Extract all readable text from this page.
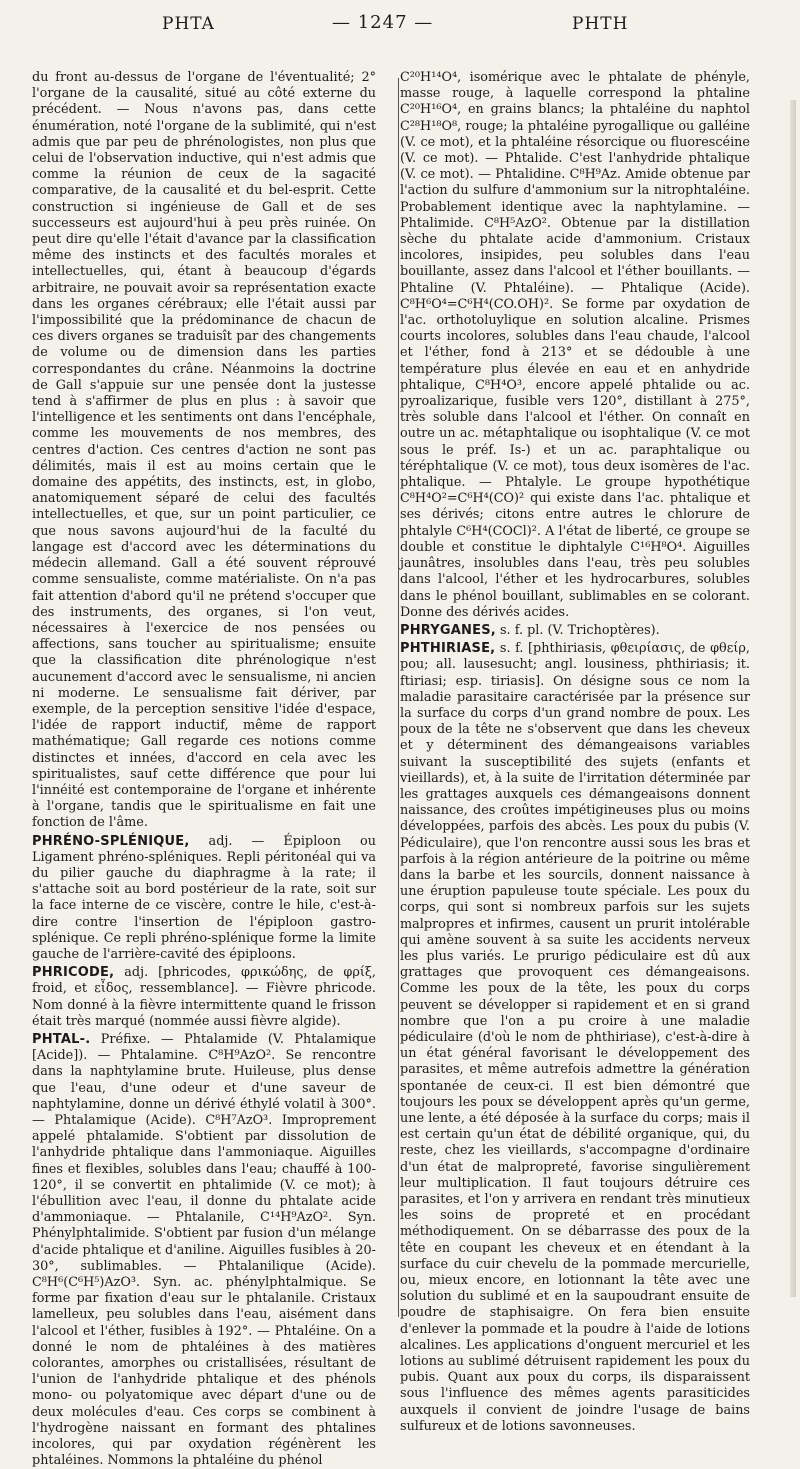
PHTA	— 1247 —	PHTH

du front au-dessus de l'organe de l'éventualité; 2° l'organe de la causalité, situé au côté externe du précédent. — Nous n'avons pas, dans cette énumération, noté l'organe de la sublimité, qui n'est admis que par peu de phrénologistes, non plus que celui de l'observation inductive, qui n'est admis que comme la réunion de ceux de la sagacité comparative, de la causalité et du bel-esprit. Cette construction si ingénieuse de Gall et de ses successeurs est aujourd'hui à peu près ruinée. On peut dire qu'elle l'était d'avance par la classification même des instincts et des facultés morales et intellectuelles, qui, étant à beaucoup d'égards arbitraire, ne pouvait avoir sa représentation exacte dans les organes cérébraux; elle l'était aussi par l'impossibilité que la prédominance de chacun de ces divers organes se traduisît par des changements de volume ou de dimension dans les parties correspondantes du crâne. Néanmoins la doctrine de Gall s'appuie sur une pensée dont la justesse tend à s'affirmer de plus en plus : à savoir que l'intelligence et les sentiments ont dans l'encéphale, comme les mouvements de nos membres, des centres d'action. Ces centres d'action ne sont pas délimités, mais il est au moins certain que le domaine des appétits, des instincts, est, in globo, anatomiquement séparé de celui des facultés intellectuelles, et que, sur un point particulier, ce que nous savons aujourd'hui de la faculté du langage est d'accord avec les déterminations du médecin allemand. Gall a été souvent réprouvé comme sensualiste, comme matérialiste. On n'a pas fait attention d'abord qu'il ne prétend s'occuper que des instruments, des organes, si l'on veut, nécessaires à l'exercice de nos pensées ou affections, sans toucher au spiritualisme; ensuite que la classification dite phrénologique n'est aucunement d'accord avec le sensualisme, ni ancien ni moderne. Le sensualisme fait dériver, par exemple, de la perception sensitive l'idée d'espace, l'idée de rapport inductif, même de rapport mathématique; Gall regarde ces notions comme distinctes et innées, d'accord en cela avec les spiritualistes, sauf cette différence que pour lui l'innéité est contemporaine de l'organe et inhérente à l'organe, tandis que le spiritualisme en fait une fonction de l'âme.

PHRÉNO-SPLÉNIQUE, adj. — Épiploon ou Ligament phréno-spléniques. Repli péritonéal qui va du pilier gauche du diaphragme à la rate; il s'attache soit au bord postérieur de la rate, soit sur la face interne de ce viscère, contre le hile, c'est-à-dire contre l'insertion de l'épiploon gastro-splénique. Ce repli phréno-splénique forme la limite gauche de l'arrière-cavité des épiploons.

PHRICODE, adj. [phricodes, φρικώδης, de φρίξ, froid, et εἶδος, ressemblance]. — Fièvre phricode. Nom donné à la fièvre intermittente quand le frisson était très marqué (nommée aussi fièvre algide).

PHTAL-. Préfixe. — Phtalamide (V. Phtalamique [Acide]). — Phtalamine. C⁸H⁹AzO². Se rencontre dans la naphtylamine brute. Huileuse, plus dense que l'eau, d'une odeur et d'une saveur de naphtylamine, donne un dérivé éthylé volatil à 300°. — Phtalamique (Acide). C⁸H⁷AzO³. Improprement appelé phtalamide. S'obtient par dissolution de l'anhydride phtalique dans l'ammoniaque. Aiguilles fines et flexibles, solubles dans l'eau; chauffé à 100-120°, il se convertit en phtalimide (V. ce mot); à l'ébullition avec l'eau, il donne du phtalate acide d'ammoniaque. — Phtalanile, C¹⁴H⁹AzO². Syn. Phénylphtalimide. S'obtient par fusion d'un mélange d'acide phtalique et d'aniline. Aiguilles fusibles à 20-30°, sublimables. — Phtalanilique (Acide). C⁸H⁶(C⁶H⁵)AzO³. Syn. ac. phénylphtalmique. Se forme par fixation d'eau sur le phtalanile. Cristaux lamelleux, peu solubles dans l'eau, aisément dans l'alcool et l'éther, fusibles à 192°. — Phtaléine. On a donné le nom de phtaléines à des matières colorantes, amorphes ou cristallisées, résultant de l'union de l'anhydride phtalique et des phénols mono- ou polyatomique avec départ d'une ou de deux molécules d'eau. Ces corps se combinent à l'hydrogène naissant en formant des phtalines incolores, qui par oxydation régénèrent les phtaléines. Nommons la phtaléine du phénol

C²⁰H¹⁴O⁴, isomérique avec le phtalate de phényle, masse rouge, à laquelle correspond la phtaline C²⁰H¹⁶O⁴, en grains blancs; la phtaléine du naphtol C²⁸H¹⁸O⁸, rouge; la phtaléine pyrogallique ou galléine (V. ce mot), et la phtaléine résorcique ou fluorescéine (V. ce mot). — Phtalide. C'est l'anhydride phtalique (V. ce mot). — Phtalidine. C⁸H⁹Az. Amide obtenue par l'action du sulfure d'ammonium sur la nitrophtaléine. Probablement identique avec la naphtylamine. — Phtalimide. C⁸H⁵AzO². Obtenue par la distillation sèche du phtalate acide d'ammonium. Cristaux incolores, insipides, peu solubles dans l'eau bouillante, assez dans l'alcool et l'éther bouillants. — Phtaline (V. Phtaléine). — Phtalique (Acide). C⁸H⁶O⁴=C⁶H⁴(CO.OH)². Se forme par oxydation de l'ac. orthotoluylique en solution alcaline. Prismes courts incolores, solubles dans l'eau chaude, l'alcool et l'éther, fond à 213° et se dédouble à une température plus élevée en eau et en anhydride phtalique, C⁸H⁴O³, encore appelé phtalide ou ac. pyroalizarique, fusible vers 120°, distillant à 275°, très soluble dans l'alcool et l'éther. On connaît en outre un ac. métaphtalique ou isophtalique (V. ce mot sous le préf. Is-) et un ac. paraphtalique ou téréphtalique (V. ce mot), tous deux isomères de l'ac. phtalique. — Phtalyle. Le groupe hypothétique C⁸H⁴O²=C⁶H⁴(CO)² qui existe dans l'ac. phtalique et ses dérivés; citons entre autres le chlorure de phtalyle C⁶H⁴(COCl)². A l'état de liberté, ce groupe se double et constitue le diphtalyle C¹⁶H⁸O⁴. Aiguilles jaunâtres, insolubles dans l'eau, très peu solubles dans l'alcool, l'éther et les hydrocarbures, solubles dans le phénol bouillant, sublimables en se colorant. Donne des dérivés acides.

PHRYGANES, s. f. pl. (V. Trichoptères).

PHTHIRIASE, s. f. [phthiriasis, φθειρίασις, de φθείρ, pou; all. lausesucht; angl. lousiness, phthiriasis; it. ftiriasi; esp. tiriasis]. On désigne sous ce nom la maladie parasitaire caractérisée par la présence sur la surface du corps d'un grand nombre de poux. Les poux de la tête ne s'observent que dans les cheveux et y déterminent des démangeaisons variables suivant la susceptibilité des sujets (enfants et vieillards), et, à la suite de l'irritation déterminée par les grattages auxquels ces démangeaisons donnent naissance, des croûtes impétigineuses plus ou moins développées, parfois des abcès. Les poux du pubis (V. Pédiculaire), que l'on rencontre aussi sous les bras et parfois à la région antérieure de la poitrine ou même dans la barbe et les sourcils, donnent naissance à une éruption papuleuse toute spéciale. Les poux du corps, qui sont si nombreux parfois sur les sujets malpropres et infirmes, causent un prurit intolérable qui amène souvent à sa suite les accidents nerveux les plus variés. Le prurigo pédiculaire est dû aux grattages que provoquent ces démangeaisons. Comme les poux de la tête, les poux du corps peuvent se développer si rapidement et en si grand nombre que l'on a pu croire à une maladie pédiculaire (d'où le nom de phthiriase), c'est-à-dire à un état général favorisant le développement des parasites, et même autrefois admettre la génération spontanée de ceux-ci. Il est bien démontré que toujours les poux se développent après qu'un germe, une lente, a été déposée à la surface du corps; mais il est certain qu'un état de débilité organique, qui, du reste, chez les vieillards, s'accompagne d'ordinaire d'un état de malpropreté, favorise singulièrement leur multiplication. Il faut toujours détruire ces parasites, et l'on y arrivera en rendant très minutieux les soins de propreté et en procédant méthodiquement. On se débarrasse des poux de la tête en coupant les cheveux et en étendant à la surface du cuir chevelu de la pommade mercurielle, ou, mieux encore, en lotionnant la tête avec une solution du sublimé et en la saupoudrant ensuite de poudre de staphisaigre. On fera bien ensuite d'enlever la pommade et la poudre à l'aide de lotions alcalines. Les applications d'onguent mercuriel et les lotions au sublimé détruisent rapidement les poux du pubis. Quant aux poux du corps, ils disparaissent sous l'influence des mêmes agents parasiticides auxquels il convient de joindre l'usage de bains sulfureux et de lotions savonneuses.
